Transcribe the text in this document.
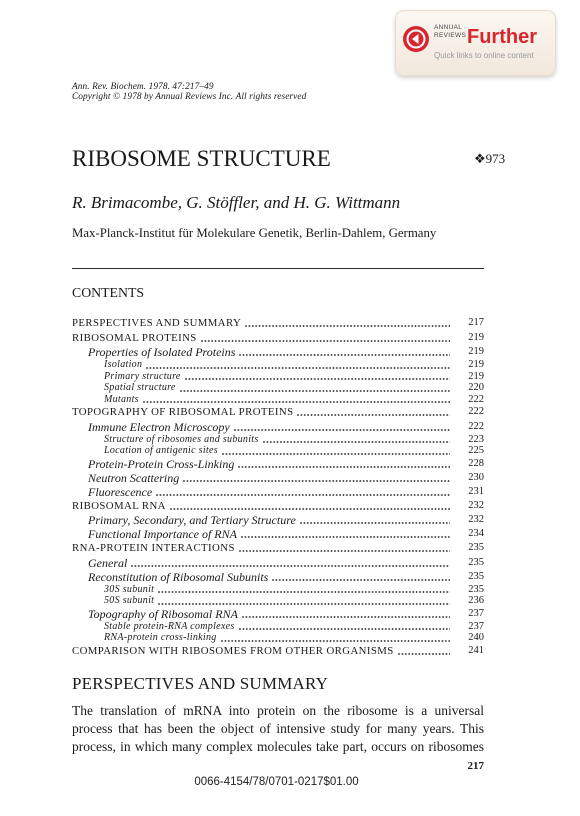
ANNUAL
REVIEWS Further
Quick links to online content
Ann. Rev. Biochem. 1978. 47:217–49
Copyright © 1978 by Annual Reviews Inc. All rights reserved
RIBOSOME STRUCTURE	❖973
R. Brimacombe, G. Stöffler, and H. G. Wittmann
Max-Planck-Institut für Molekulare Genetik, Berlin-Dahlem, Germany
CONTENTS
PERSPECTIVES AND SUMMARY	217
RIBOSOMAL PROTEINS	219
Properties of Isolated Proteins	219
Isolation	219
Primary structure	219
Spatial structure	220
Mutants	222
TOPOGRAPHY OF RIBOSOMAL PROTEINS	222
Immune Electron Microscopy	222
Structure of ribosomes and subunits	223
Location of antigenic sites	225
Protein-Protein Cross-Linking	228
Neutron Scattering	230
Fluorescence	231
RIBOSOMAL RNA	232
Primary, Secondary, and Tertiary Structure	232
Functional Importance of RNA	234
RNA-PROTEIN INTERACTIONS	235
General	235
Reconstitution of Ribosomal Subunits	235
30S subunit	235
50S subunit	236
Topography of Ribosomal RNA	237
Stable protein-RNA complexes	237
RNA-protein cross-linking	240
COMPARISON WITH RIBOSOMES FROM OTHER ORGANISMS	241
PERSPECTIVES AND SUMMARY
The translation of mRNA into protein on the ribosome is a universal
process that has been the object of intensive study for many years. This
process, in which many complex molecules take part, occurs on ribosomes
217
0066-4154/78/0701-0217$01.00
